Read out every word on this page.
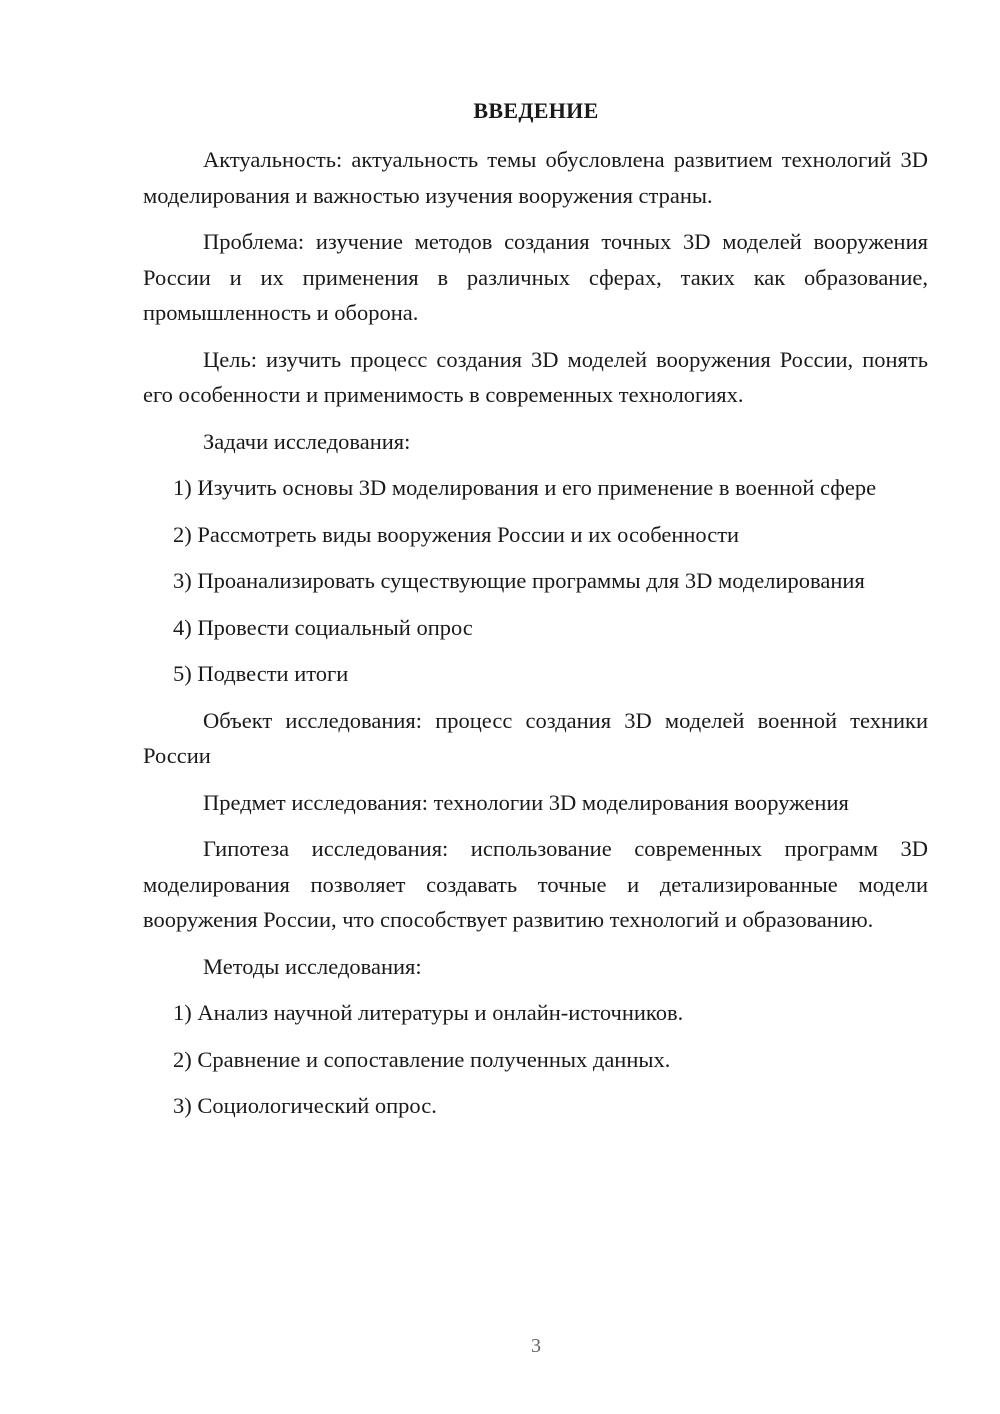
ВВЕДЕНИЕ

Актуальность: актуальность темы обусловлена развитием технологий 3D моделирования и важностью изучения вооружения страны.

Проблема: изучение методов создания точных 3D моделей вооружения России и их применения в различных сферах, таких как образование, промышленность и оборона.

Цель: изучить процесс создания 3D моделей вооружения России, понять его особенности и применимость в современных технологиях.

Задачи исследования:

1) Изучить основы 3D моделирования и его применение в военной сфере

2) Рассмотреть виды вооружения России и их особенности

3) Проанализировать существующие программы для 3D моделирования

4) Провести социальный опрос

5) Подвести итоги

Объект исследования: процесс создания 3D моделей военной техники России

Предмет исследования: технологии 3D моделирования вооружения

Гипотеза исследования: использование современных программ 3D моделирования позволяет создавать точные и детализированные модели вооружения России, что способствует развитию технологий и образованию.

Методы исследования:

1) Анализ научной литературы и онлайн-источников.

2) Сравнение и сопоставление полученных данных.

3) Социологический опрос.

3
